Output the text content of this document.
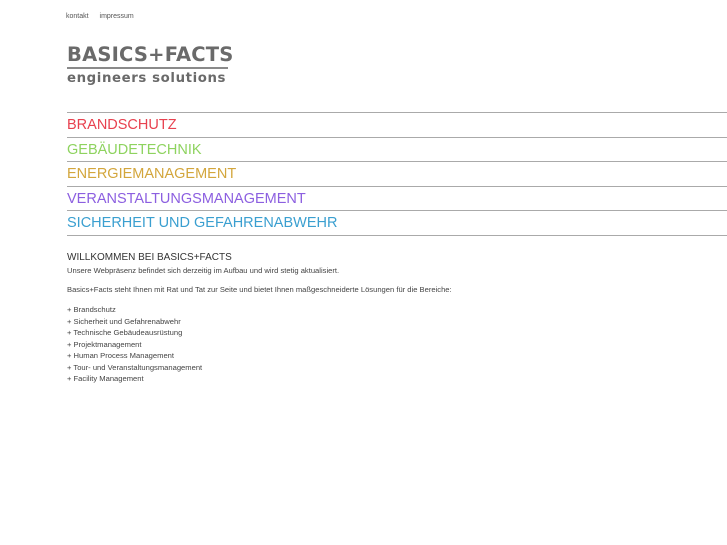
kontakt impressum
BASICS+FACTS
engineers solutions
BRANDSCHUTZ
GEBÄUDETECHNIK
ENERGIEMANAGEMENT
VERANSTALTUNGSMANAGEMENT
SICHERHEIT UND GEFAHRENABWEHR
WILLKOMMEN BEI BASICS+FACTS

Unsere Webpräsenz befindet sich derzeitig im Aufbau und wird stetig aktualisiert.

Basics+Facts steht Ihnen mit Rat und Tat zur Seite und bietet Ihnen maßgeschneiderte Lösungen für die Bereiche:

+ Brandschutz
+ Sicherheit und Gefahrenabwehr
+ Technische Gebäudeausrüstung
+ Projektmanagement
+ Human Process Management
+ Tour- und Veranstaltungsmanagement
+ Facility Management
